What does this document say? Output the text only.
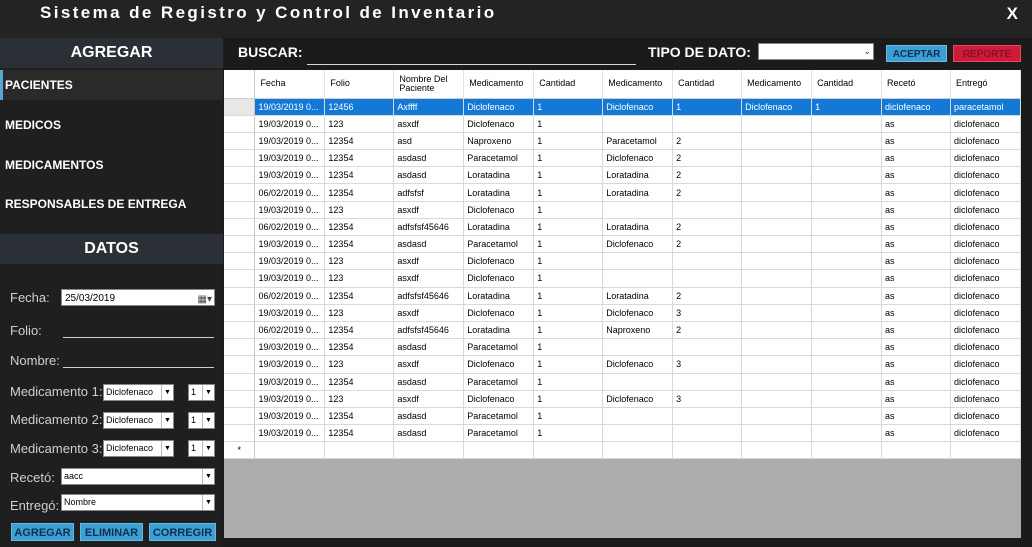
Sistema de Registro y Control de Inventario	X
AGREGAR
PACIENTES
MEDICOS
MEDICAMENTOS
RESPONSABLES DE ENTREGA
DATOS
Fecha:	25/03/2019	▦▾
Folio:
Nombre:
Medicamento 1: Diclofenaco	▼	1	▼
Medicamento 2: Diclofenaco	▼	1	▼
Medicamento 3: Diclofenaco	▼	1	▼
Recetó:	aacc	▼
Entregó: Nombre	▼
AGREGAR	ELIMINAR	CORREGIR
BUSCAR:	TIPO DE DATO:	⌄	ACEPTAR	REPORTE
	Fecha	Folio	Nombre Del Paciente	Medicamento	Cantidad	Medicamento	Cantidad	Medicamento	Cantidad	Recetó	Entregó
	19/03/2019 0...	12456	Axffff	Diclofenaco	1	Diclofenaco	1	Diclofenaco	1	diclofenaco	paracetamol
	19/03/2019 0...	123	asxdf	Diclofenaco	1					as	diclofenaco
	19/03/2019 0...	12354	asd	Naproxeno	1	Paracetamol	2			as	diclofenaco
	19/03/2019 0...	12354	asdasd	Paracetamol	1	Diclofenaco	2			as	diclofenaco
	19/03/2019 0...	12354	asdasd	Loratadina	1	Loratadina	2			as	diclofenaco
	06/02/2019 0...	12354	adfsfsf	Loratadina	1	Loratadina	2			as	diclofenaco
	19/03/2019 0...	123	asxdf	Diclofenaco	1					as	diclofenaco
	06/02/2019 0...	12354	adfsfsf45646	Loratadina	1	Loratadina	2			as	diclofenaco
	19/03/2019 0...	12354	asdasd	Paracetamol	1	Diclofenaco	2			as	diclofenaco
	19/03/2019 0...	123	asxdf	Diclofenaco	1					as	diclofenaco
	19/03/2019 0...	123	asxdf	Diclofenaco	1					as	diclofenaco
	06/02/2019 0...	12354	adfsfsf45646	Loratadina	1	Loratadina	2			as	diclofenaco
	19/03/2019 0...	123	asxdf	Diclofenaco	1	Diclofenaco	3			as	diclofenaco
	06/02/2019 0...	12354	adfsfsf45646	Loratadina	1	Naproxeno	2			as	diclofenaco
	19/03/2019 0...	12354	asdasd	Paracetamol	1					as	diclofenaco
	19/03/2019 0...	123	asxdf	Diclofenaco	1	Diclofenaco	3			as	diclofenaco
	19/03/2019 0...	12354	asdasd	Paracetamol	1					as	diclofenaco
	19/03/2019 0...	123	asxdf	Diclofenaco	1	Diclofenaco	3			as	diclofenaco
	19/03/2019 0...	12354	asdasd	Paracetamol	1					as	diclofenaco
	19/03/2019 0...	12354	asdasd	Paracetamol	1					as	diclofenaco
*											
